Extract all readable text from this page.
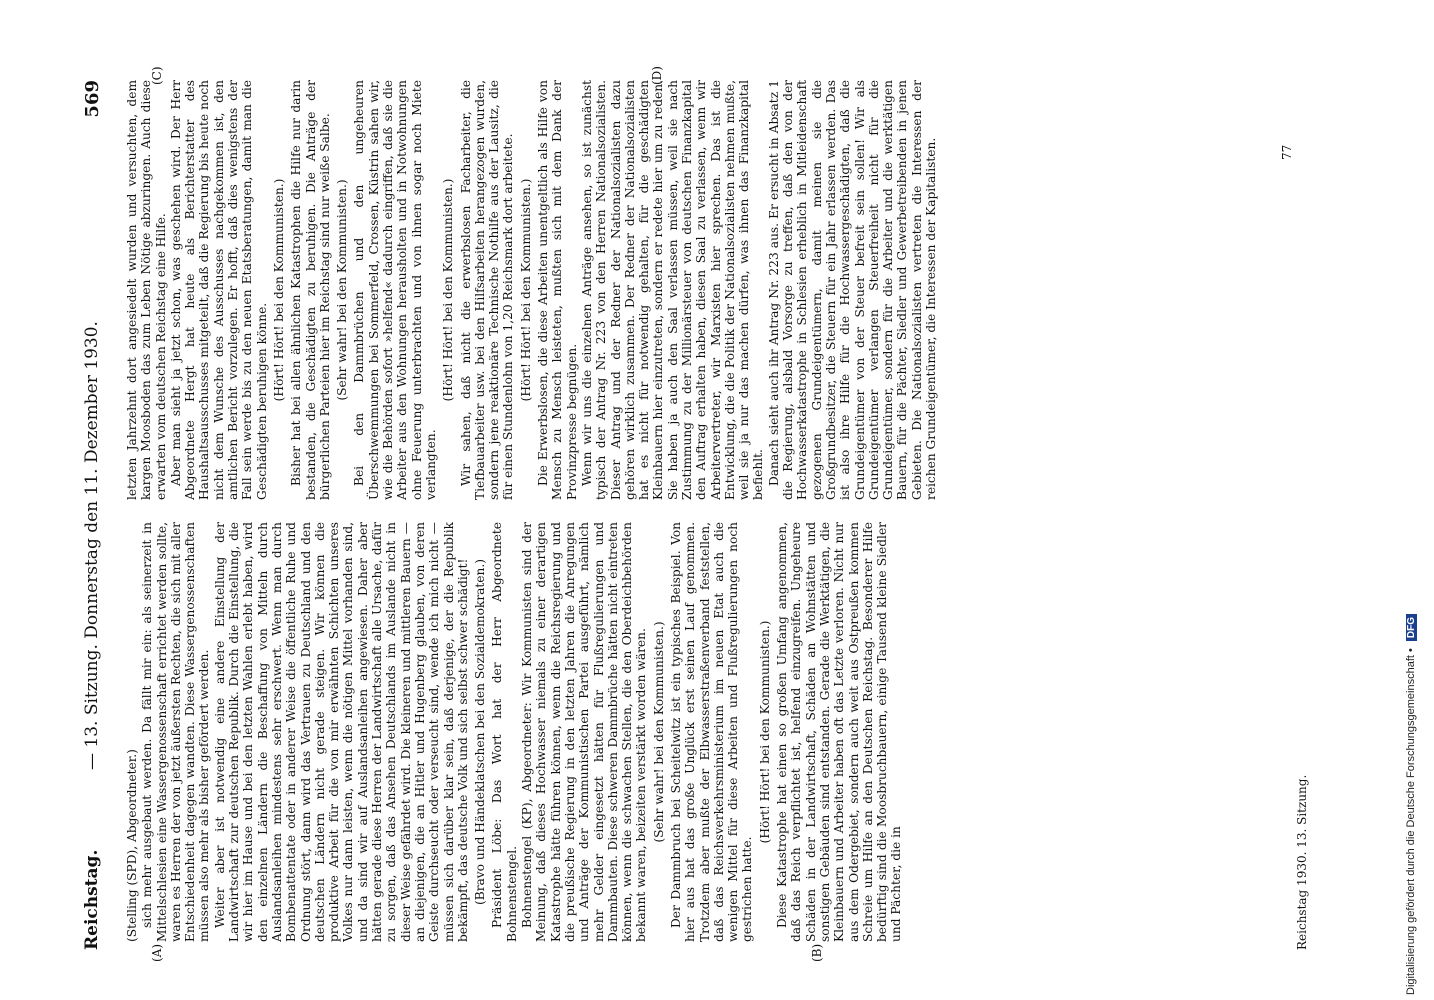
Reichstag.
— 13. Sitzung. Donnerstag den 11. Dezember 1930.
569
(A)	(B)
(C)	(D)

(Stelling (SPD), Abgeordneter.) sich mehr ausgebaut werden. Da fällt mir ein: als seinerzeit in Mittelschlesien eine Wassergenossenschaft errichtet werden sollte, waren es Herren der von jetzt äußersten Rechten, die sich mit aller Entschiedenheit dagegen wandten. Diese Wassergenossenschaften müssen also mehr als bisher gefördert werden. Weiter aber ist notwendig eine andere Einstellung der Landwirtschaft zur deutschen Republik. Durch die Einstellung, die wir hier im Hause und bei den letzten Wahlen erlebt haben, wird den einzelnen Ländern die Beschaffung von Mitteln durch Auslandsanleihen mindestens sehr erschwert. Wenn man durch Bombenattentate oder in anderer Weise die öffentliche Ruhe und Ordnung stört, dann wird das Vertrauen zu Deutschland und den deutschen Ländern nicht gerade steigen. Wir können die produktive Arbeit für die von mir erwähnten Schichten unseres Volkes nur dann leisten, wenn die nötigen Mittel vorhanden sind, und da sind wir auf Auslandsanleihen angewiesen. Daher aber hätten gerade diese Herren der Landwirtschaft alle Ursache, dafür zu sorgen, daß das Ansehen Deutschlands im Auslande nicht in dieser Weise gefährdet wird. Die kleineren und mittleren Bauern — an diejenigen, die an Hitler und Hugenberg glauben, von deren Geiste durchseucht oder verseucht sind, wende ich mich nicht — müssen sich darüber klar sein, daß derjenige, der die Republik bekämpft, das deutsche Volk und sich selbst schwer schädigt! (Bravo und Händeklatschen bei den Sozialdemokraten.) Präsident Löbe: Das Wort hat der Herr Abgeordnete Bohnenstengel. Bohnenstengel (KP), Abgeordneter: Wir Kommunisten sind der Meinung, daß dieses Hochwasser niemals zu einer derartigen Katastrophe hätte führen können, wenn die Reichsregierung und die preußische Regierung in den letzten Jahren die Anregungen und Anträge der Kommunistischen Partei ausgeführt, nämlich mehr Gelder eingesetzt hätten für Flußregulierungen und Dammbauten. Diese schweren Dammbrüche hätten nicht eintreten können, wenn die schwachen Stellen, die den Oberdeichbehörden bekannt waren, beizeiten verstärkt worden wären. (Sehr wahr! bei den Kommunisten.) Der Dammbruch bei Scheitelwitz ist ein typisches Beispiel. Von hier aus hat das große Unglück erst seinen Lauf genommen. Trotzdem aber mußte der Elbwasserstraßenverband feststellen, daß das Reichsverkehrsministerium im neuen Etat auch die wenigen Mittel für diese Arbeiten und Flußregulierungen noch gestrichen hatte.

(Hört! Hört! bei den Kommunisten.) Diese Katastrophe hat einen so großen Umfang angenommen, daß das Reich verpflichtet ist, helfend einzugreifen. Ungeheure Schäden in der Landwirtschaft, Schäden an Wohnstätten und sonstigen Gebäuden sind entstanden. Gerade die Werktätigen, die Kleinbauern und Arbeiter haben oft das Letzte verloren. Nicht nur aus dem Odergebiet, sondern auch weit aus Ostpreußen kommen Schreie um Hilfe an den Deutschen Reichstag. Besonderer Hilfe bedürftig sind die Moosbruchbauern, einige Tausend kleine Siedler und Pächter, die in

letzten Jahrzehnt dort angesiedelt wurden und versuchten, dem kargen Moosboden das zum Leben Nötige abzuringen. Auch diese erwarten vom deutschen Reichstag eine Hilfe. Aber man sieht ja jetzt schon, was geschehen wird. Der Herr Abgeordnete Hergt hat heute als Berichterstatter des Haushaltsausschusses mitgeteilt, daß die Regierung bis heute noch nicht dem Wunsche des Ausschusses nachgekommen ist, den amtlichen Bericht vorzulegen. Er hofft, daß dies wenigstens der Fall sein werde bis zu den neuen Etatsberatungen, damit man die Geschädigten beruhigen könne. (Hört! Hört! bei den Kommunisten.) Bisher hat bei allen ähnlichen Katastrophen die Hilfe nur darin bestanden, die Geschädigten zu beruhigen. Die Anträge der bürgerlichen Parteien hier im Reichstag sind nur weiße Salbe. (Sehr wahr! bei den Kommunisten.) Bei den Dammbrüchen und den ungeheuren Überschwemmungen bei Sommerfeld, Crossen, Küstrin sahen wir, wie die Behörden sofort »helfend« dadurch eingriffen, daß sie die Arbeiter aus den Wohnungen herausholten und in Notwohnungen ohne Feuerung unterbrachten und von ihnen sogar noch Miete verlangten.

(Hört! Hört! bei den Kommunisten.) Wir sahen, daß nicht die erwerbslosen Facharbeiter, die Tiefbauarbeiter usw. bei den Hilfsarbeiten herangezogen wurden, sondern jene reaktionäre Technische Nothilfe aus der Lausitz, die für einen Stundenlohn von 1,20 Reichsmark dort arbeitete. (Hört! Hört! bei den Kommunisten.) Die Erwerbslosen, die diese Arbeiten unentgeltlich als Hilfe von Mensch zu Mensch leisteten, mußten sich mit dem Dank der Provinzpresse begnügen. Wenn wir uns die einzelnen Anträge ansehen, so ist zunächst typisch der Antrag Nr. 223 von den Herren Nationalsozialisten. Dieser Antrag und der Redner der Nationalsozialisten dazu gehören wirklich zusammen. Der Redner der Nationalsozialisten hat es nicht für notwendig gehalten, für die geschädigten Kleinbauern hier einzutreten, sondern er redete hier um zu reden. Sie haben ja auch den Saal verlassen müssen, weil sie nach Zustimmung zu der Millionärsteuer von deutschen Finanzkapital den Auftrag erhalten haben, diesen Saal zu verlassen, wenn wir Arbeitervertreter, wir Marxisten hier sprechen. Das ist die Entwicklung, die die Politik der Nationalsozialisten nehmen mußte, weil sie ja nur das machen dürfen, was ihnen das Finanzkapital befiehlt. Danach sieht auch ihr Antrag Nr. 223 aus. Er ersucht in Absatz 1 die Regierung, alsbald Vorsorge zu treffen, daß den von der Hochwasserkatastrophe in Schlesien erheblich in Mitleidenschaft gezogenen Grundeigentümern, damit meinen sie die Großgrundbesitzer, die Steuern für ein Jahr erlassen werden. Das ist also ihre Hilfe für die Hochwassergeschädigten, daß die Grundeigentümer von der Steuer befreit sein sollen! Wir als Grundeigentümer verlangen Steuerfreiheit nicht für die Grundeigentümer, sondern für die Arbeiter und die werktätigen Bauern, für die Pächter, Siedler und Gewerbetreibenden in jenen Gebieten. Die Nationalsozialisten vertreten die Interessen der reichen Grundeigentümer, die Interessen der Kapitalisten.

Reichstag 1930. 13. Sitzung.
77
Digitalisierung gefördert durch die Deutsche Forschungsgemeinschaft • DFG
